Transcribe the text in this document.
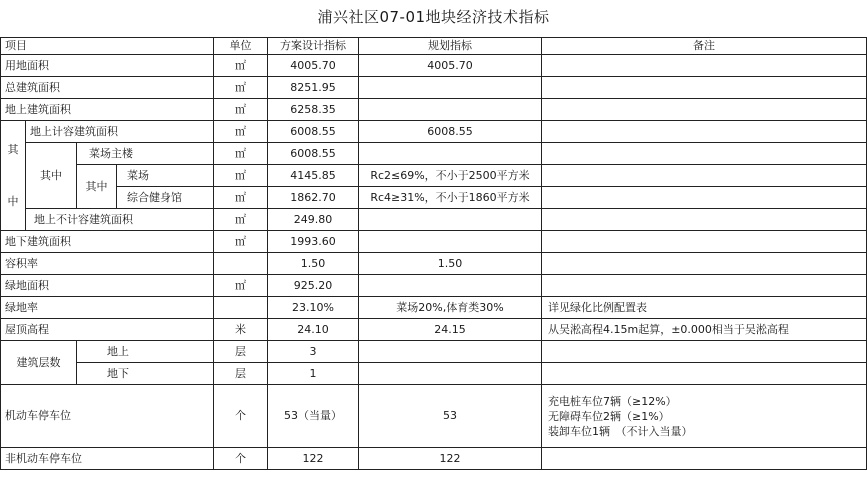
浦兴社区07-01地块经济技术指标
项目				单位	方案设计指标	规划指标	备注
用地面积				㎡	4005.70	4005.70	
总建筑面积				㎡	8251.95		
地上建筑面积				㎡	6258.35		
其
中	地上计容建筑面积			㎡	6008.55	6008.55	
	其中	菜场主楼		㎡	6008.55		
		其中	菜场	㎡	4145.85	Rc2≤69%，不小于2500平方米	
			综合健身馆	㎡	1862.70	Rc4≥31%，不小于1860平方米	
	地上不计容建筑面积			㎡	249.80		
地下建筑面积				㎡	1993.60		
容积率					1.50	1.50	
绿地面积				㎡	925.20		
绿地率					23.10%	菜场20%,体育类30%	详见绿化比例配置表
屋顶高程				米	24.10	24.15	从吴淞高程4.15m起算，±0.000相当于吴淞高程
建筑层数		地上		层	3		
		地下		层	1		
机动车停车位				个	53（当量）	53	充电桩车位7辆（≥12%）
无障碍车位2辆（≥1%）
装卸车位1辆　（不计入当量）

非机动车停车位				个	122	122	
